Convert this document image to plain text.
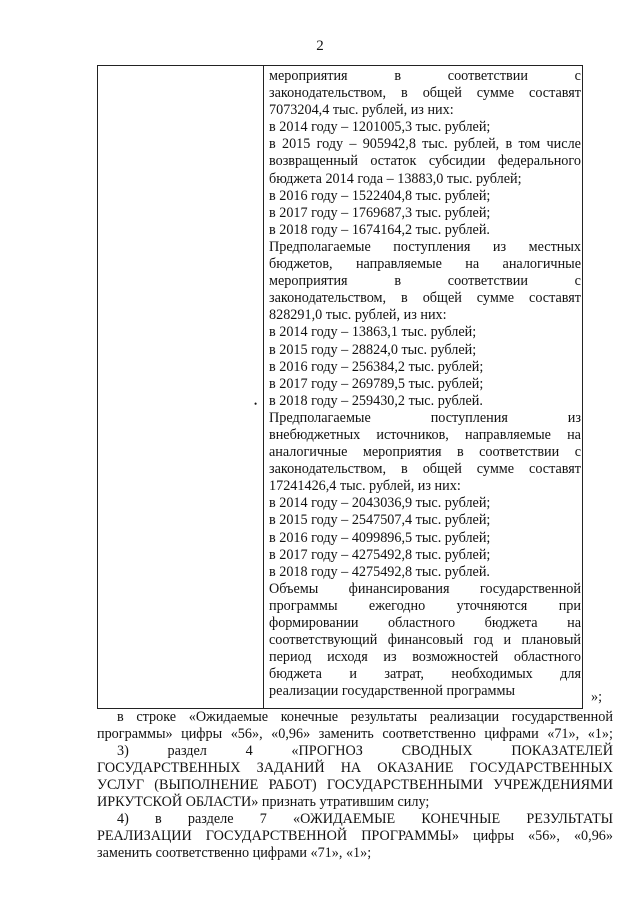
2
•
мероприятия	в	соответствии	с
законодательством, в общей сумме составят
7073204,4 тыс. рублей, из них:
в 2014 году – 1201005,3 тыс. рублей;
в 2015 году – 905942,8 тыс. рублей, в том числе
возвращенный остаток субсидии федерального
бюджета 2014 года – 13883,0 тыс. рублей;
в 2016 году – 1522404,8 тыс. рублей;
в 2017 году – 1769687,3 тыс. рублей;
в 2018 году – 1674164,2 тыс. рублей.
Предполагаемые поступления из местных
бюджетов, направляемые на аналогичные
мероприятия	в	соответствии	с
законодательством, в общей сумме составят
828291,0 тыс. рублей, из них:
в 2014 году – 13863,1 тыс. рублей;
в 2015 году – 28824,0 тыс. рублей;
в 2016 году – 256384,2 тыс. рублей;
в 2017 году – 269789,5 тыс. рублей;
в 2018 году – 259430,2 тыс. рублей.
Предполагаемые	поступления	из
внебюджетных источников, направляемые на
аналогичные мероприятия в соответствии с
законодательством, в общей сумме составят
17241426,4 тыс. рублей, из них:
в 2014 году – 2043036,9 тыс. рублей;
в 2015 году – 2547507,4 тыс. рублей;
в 2016 году – 4099896,5 тыс. рублей;
в 2017 году – 4275492,8 тыс. рублей;
в 2018 году – 4275492,8 тыс. рублей.
Объемы финансирования государственной
программы ежегодно уточняются при
формировании областного бюджета на
соответствующий финансовый год и плановый
период исходя из возможностей областного
бюджета и затрат, необходимых для
реализации государственной программы	»;
в строке «Ожидаемые конечные результаты реализации государственной
программы» цифры «56», «0,96» заменить соответственно цифрами «71», «1»;
3)	раздел	4	«ПРОГНОЗ	СВОДНЫХ	ПОКАЗАТЕЛЕЙ
ГОСУДАРСТВЕННЫХ ЗАДАНИЙ НА ОКАЗАНИЕ ГОСУДАРСТВЕННЫХ
УСЛУГ (ВЫПОЛНЕНИЕ РАБОТ) ГОСУДАРСТВЕННЫМИ УЧРЕЖДЕНИЯМИ
ИРКУТСКОЙ ОБЛАСТИ» признать утратившим силу;
4) в разделе 7 «ОЖИДАЕМЫЕ КОНЕЧНЫЕ РЕЗУЛЬТАТЫ
РЕАЛИЗАЦИИ ГОСУДАРСТВЕННОЙ ПРОГРАММЫ» цифры «56», «0,96»
заменить соответственно цифрами «71», «1»;
